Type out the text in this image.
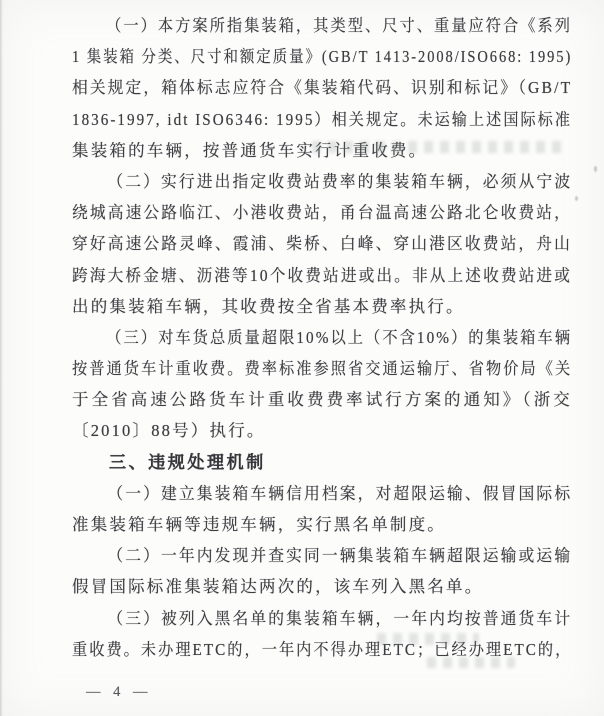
（一）本方案所指集装箱，其类型、尺寸、重量应符合《系列
1 集装箱 分类、尺寸和额定质量》(GB/T 1413-2008/ISO668: 1995)
相关规定，箱体标志应符合《集装箱代码、识别和标记》（GB/T
1836-1997, idt ISO6346: 1995）相关规定。未运输上述国际标准
集装箱的车辆，按普通货车实行计重收费。
（二）实行进出指定收费站费率的集装箱车辆，必须从宁波
绕城高速公路临江、小港收费站，甬台温高速公路北仑收费站，
穿好高速公路灵峰、霞浦、柴桥、白峰、穿山港区收费站，舟山
跨海大桥金塘、沥港等10个收费站进或出。非从上述收费站进或
出的集装箱车辆，其收费按全省基本费率执行。
（三）对车货总质量超限10%以上（不含10%）的集装箱车辆
按普通货车计重收费。费率标准参照省交通运输厅、省物价局《关
于全省高速公路货车计重收费费率试行方案的通知》（浙交
〔2010〕88号）执行。
三、违规处理机制
（一）建立集装箱车辆信用档案，对超限运输、假冒国际标
准集装箱车辆等违规车辆，实行黑名单制度。
（二）一年内发现并查实同一辆集装箱车辆超限运输或运输
假冒国际标准集装箱达两次的，该车列入黑名单。
（三）被列入黑名单的集装箱车辆，一年内均按普通货车计
重收费。未办理ETC的，一年内不得办理ETC；已经办理ETC的，
— 4 —
